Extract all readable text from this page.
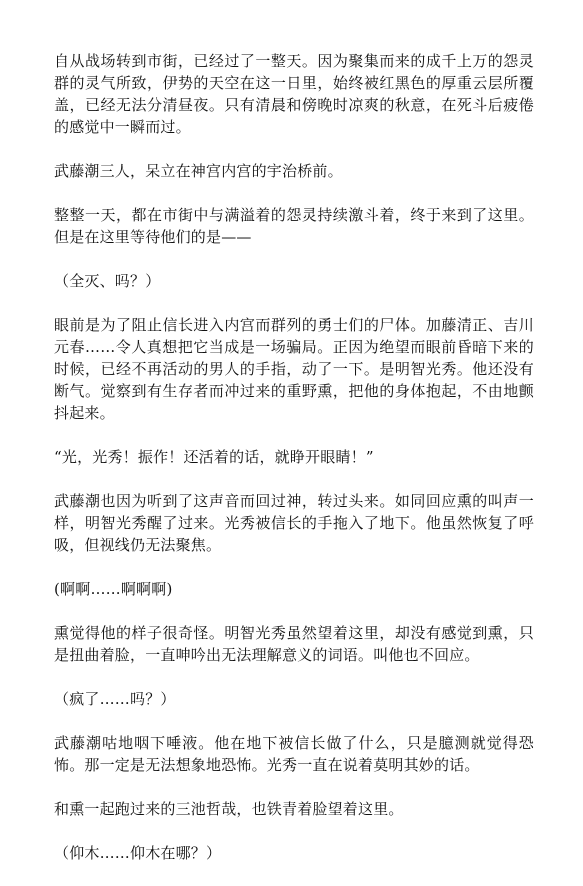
自从战场转到市街，已经过了一整天。因为聚集而来的成千上万的怨灵群的灵气所致，伊势的天空在这一日里，始终被红黑色的厚重云层所覆盖，已经无法分清昼夜。只有清晨和傍晚时凉爽的秋意，在死斗后疲倦的感觉中一瞬而过。

武藤潮三人，呆立在神宫内宫的宇治桥前。

整整一天，都在市街中与满溢着的怨灵持续激斗着，终于来到了这里。但是在这里等待他们的是——

（全灭、吗？）

眼前是为了阻止信长进入内宫而群列的勇士们的尸体。加藤清正、吉川元春……令人真想把它当成是一场骗局。正因为绝望而眼前昏暗下来的时候，已经不再活动的男人的手指，动了一下。是明智光秀。他还没有断气。觉察到有生存者而冲过来的重野熏，把他的身体抱起，不由地颤抖起来。

“光，光秀！振作！还活着的话，就睁开眼睛！”

武藤潮也因为听到了这声音而回过神，转过头来。如同回应熏的叫声一样，明智光秀醒了过来。光秀被信长的手拖入了地下。他虽然恢复了呼吸，但视线仍无法聚焦。

(啊啊……啊啊啊)

熏觉得他的样子很奇怪。明智光秀虽然望着这里，却没有感觉到熏，只是扭曲着脸，一直呻吟出无法理解意义的词语。叫他也不回应。

（疯了……吗？）

武藤潮咕地咽下唾液。他在地下被信长做了什么，只是臆测就觉得恐怖。那一定是无法想象地恐怖。光秀一直在说着莫明其妙的话。

和熏一起跑过来的三池哲哉，也铁青着脸望着这里。

（仰木……仰木在哪？）
